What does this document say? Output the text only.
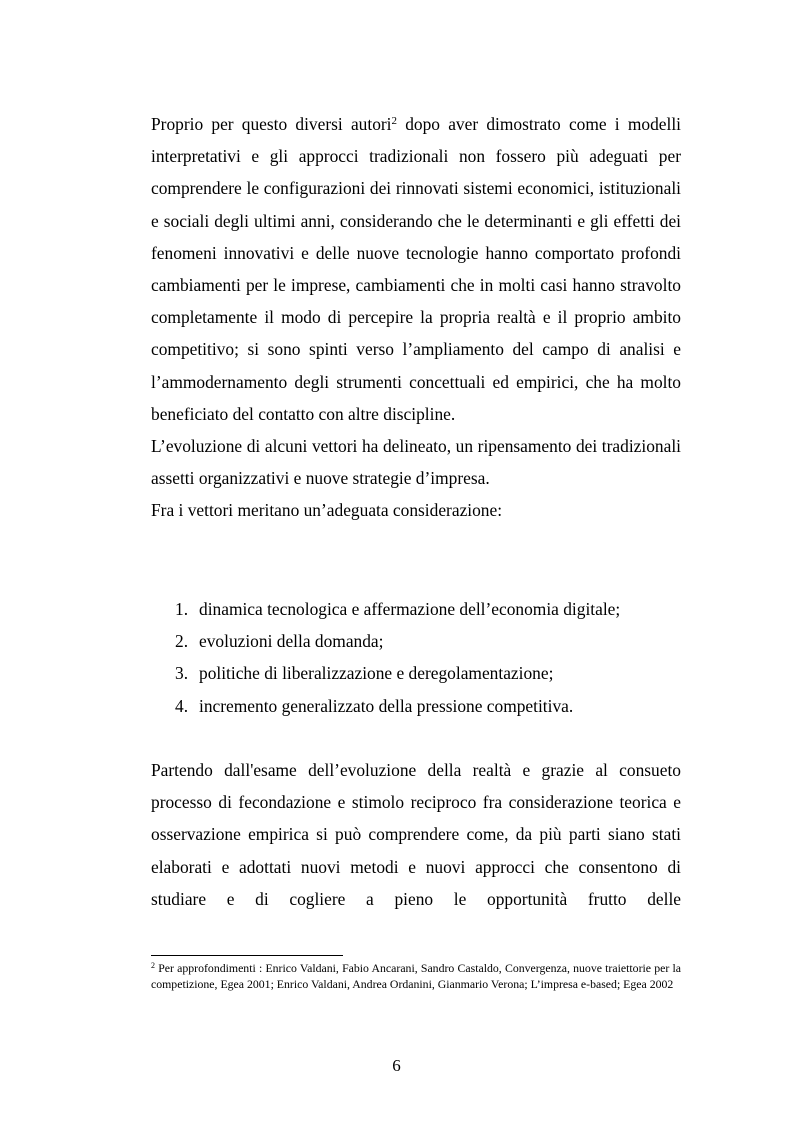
Proprio per questo diversi autori$^2$ dopo aver dimostrato come i modelli interpretativi e gli approcci tradizionali non fossero più adeguati per comprendere le configurazioni dei rinnovati sistemi economici, istituzionali e sociali degli ultimi anni, considerando che le determinanti e gli effetti dei fenomeni innovativi e delle nuove tecnologie hanno comportato profondi cambiamenti per le imprese, cambiamenti che in molti casi hanno stravolto completamente il modo di percepire la propria realtà e il proprio ambito competitivo; si sono spinti verso l’ampliamento del campo di analisi e l’ammodernamento degli strumenti concettuali ed empirici, che ha molto beneficiato del contatto con altre discipline.

L’evoluzione di alcuni vettori ha delineato, un ripensamento dei tradizionali assetti organizzativi e nuove strategie d’impresa.

Fra i vettori meritano un’adeguata considerazione:

1. dinamica tecnologica e affermazione dell’economia digitale;
2. evoluzioni della domanda;
3. politiche di liberalizzazione e deregolamentazione;
4. incremento generalizzato della pressione competitiva.

Partendo dall'esame dell’evoluzione della realtà e grazie al consueto processo di fecondazione e stimolo reciproco fra considerazione teorica e osservazione empirica si può comprendere come, da più parti siano stati elaborati e adottati nuovi metodi e nuovi approcci che consentono di studiare e di cogliere a pieno le opportunità frutto delle

$^2$ Per approfondimenti : Enrico Valdani, Fabio Ancarani, Sandro Castaldo, Convergenza, nuove traiettorie per la competizione, Egea 2001; Enrico Valdani, Andrea Ordanini, Gianmario Verona; L’impresa e-based; Egea 2002

6
